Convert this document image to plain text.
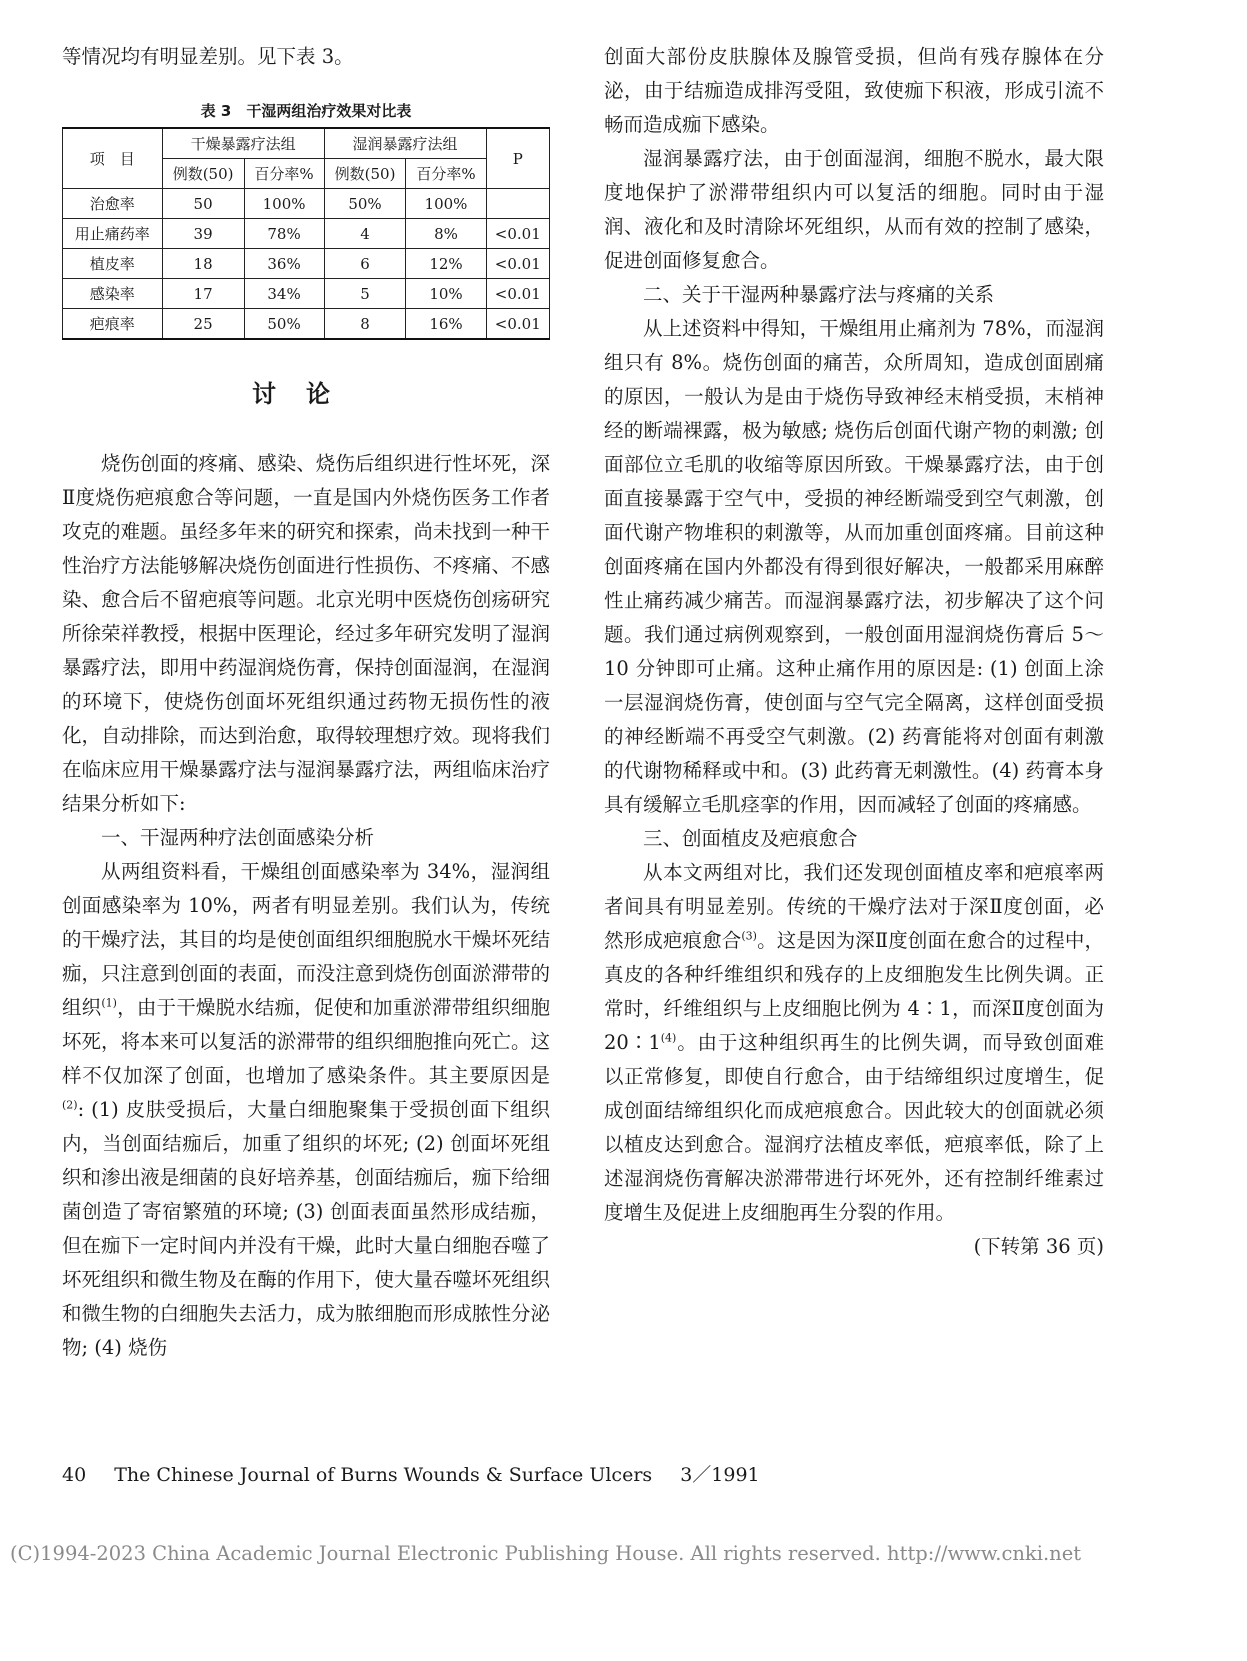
等情况均有明显差别。见下表 3。

表 3　干湿两组治疗效果对比表
项　目	干燥暴露疗法组		湿润暴露疗法组		P
	例数(50)	百分率%	例数(50)	百分率%	
治愈率	50	100%	50%	100%	
用止痛药率	39	78%	4	8%	<0.01
植皮率	18	36%	6	12%	<0.01
感染率	17	34%	5	10%	<0.01
疤痕率	25	50%	8	16%	<0.01
讨论

烧伤创面的疼痛、感染、烧伤后组织进行性坏死，深Ⅱ度烧伤疤痕愈合等问题，一直是国内外烧伤医务工作者攻克的难题。虽经多年来的研究和探索，尚未找到一种干性治疗方法能够解决烧伤创面进行性损伤、不疼痛、不感染、愈合后不留疤痕等问题。北京光明中医烧伤创疡研究所徐荣祥教授，根据中医理论，经过多年研究发明了湿润暴露疗法，即用中药湿润烧伤膏，保持创面湿润，在湿润的环境下，使烧伤创面坏死组织通过药物无损伤性的液化，自动排除，而达到治愈，取得较理想疗效。现将我们在临床应用干燥暴露疗法与湿润暴露疗法，两组临床治疗结果分析如下:

一、干湿两种疗法创面感染分析

从两组资料看，干燥组创面感染率为 34%，湿润组创面感染率为 10%，两者有明显差别。我们认为，传统的干燥疗法，其目的均是使创面组织细胞脱水干燥坏死结痂，只注意到创面的表面，而没注意到烧伤创面淤滞带的组织$^{(1)}$，由于干燥脱水结痂，促使和加重淤滞带组织细胞坏死，将本来可以复活的淤滞带的组织细胞推向死亡。这样不仅加深了创面，也增加了感染条件。其主要原因是$^{(2)}$: (1) 皮肤受损后，大量白细胞聚集于受损创面下组织内，当创面结痂后，加重了组织的坏死; (2) 创面坏死组织和渗出液是细菌的良好培养基，创面结痂后，痂下给细菌创造了寄宿繁殖的环境; (3) 创面表面虽然形成结痂，但在痂下一定时间内并没有干燥，此时大量白细胞吞噬了坏死组织和微生物及在酶的作用下，使大量吞噬坏死组织和微生物的白细胞失去活力，成为脓细胞而形成脓性分泌物; (4) 烧伤

创面大部份皮肤腺体及腺管受损，但尚有残存腺体在分泌，由于结痂造成排泻受阻，致使痂下积液，形成引流不畅而造成痂下感染。

湿润暴露疗法，由于创面湿润，细胞不脱水，最大限度地保护了淤滞带组织内可以复活的细胞。同时由于湿润、液化和及时清除坏死组织，从而有效的控制了感染，促进创面修复愈合。

二、关于干湿两种暴露疗法与疼痛的关系

从上述资料中得知，干燥组用止痛剂为 78%，而湿润组只有 8%。烧伤创面的痛苦，众所周知，造成创面剧痛的原因，一般认为是由于烧伤导致神经末梢受损，末梢神经的断端裸露，极为敏感; 烧伤后创面代谢产物的刺激; 创面部位立毛肌的收缩等原因所致。干燥暴露疗法，由于创面直接暴露于空气中，受损的神经断端受到空气刺激，创面代谢产物堆积的刺激等，从而加重创面疼痛。目前这种创面疼痛在国内外都没有得到很好解决，一般都采用麻醉性止痛药减少痛苦。而湿润暴露疗法，初步解决了这个问题。我们通过病例观察到，一般创面用湿润烧伤膏后 5～10 分钟即可止痛。这种止痛作用的原因是: (1) 创面上涂一层湿润烧伤膏，使创面与空气完全隔离，这样创面受损的神经断端不再受空气刺激。(2) 药膏能将对创面有刺激的代谢物稀释或中和。(3) 此药膏无刺激性。(4) 药膏本身具有缓解立毛肌痉挛的作用，因而减轻了创面的疼痛感。

三、创面植皮及疤痕愈合

从本文两组对比，我们还发现创面植皮率和疤痕率两者间具有明显差别。传统的干燥疗法对于深Ⅱ度创面，必然形成疤痕愈合$^{(3)}$。这是因为深Ⅱ度创面在愈合的过程中，真皮的各种纤维组织和残存的上皮细胞发生比例失调。正常时，纤维组织与上皮细胞比例为 4∶1，而深Ⅱ度创面为 20∶1$^{(4)}$。由于这种组织再生的比例失调，而导致创面难以正常修复，即使自行愈合，由于结缔组织过度增生，促成创面结缔组织化而成疤痕愈合。因此较大的创面就必须以植皮达到愈合。湿润疗法植皮率低，疤痕率低，除了上述湿润烧伤膏解决淤滞带进行坏死外，还有控制纤维素过度增生及促进上皮细胞再生分裂的作用。

(下转第 36 页)

40 The Chinese Journal of Burns Wounds & Surface Ulcers 3／1991
(C)1994-2023 China Academic Journal Electronic Publishing House. All rights reserved. http://www.cnki.net
